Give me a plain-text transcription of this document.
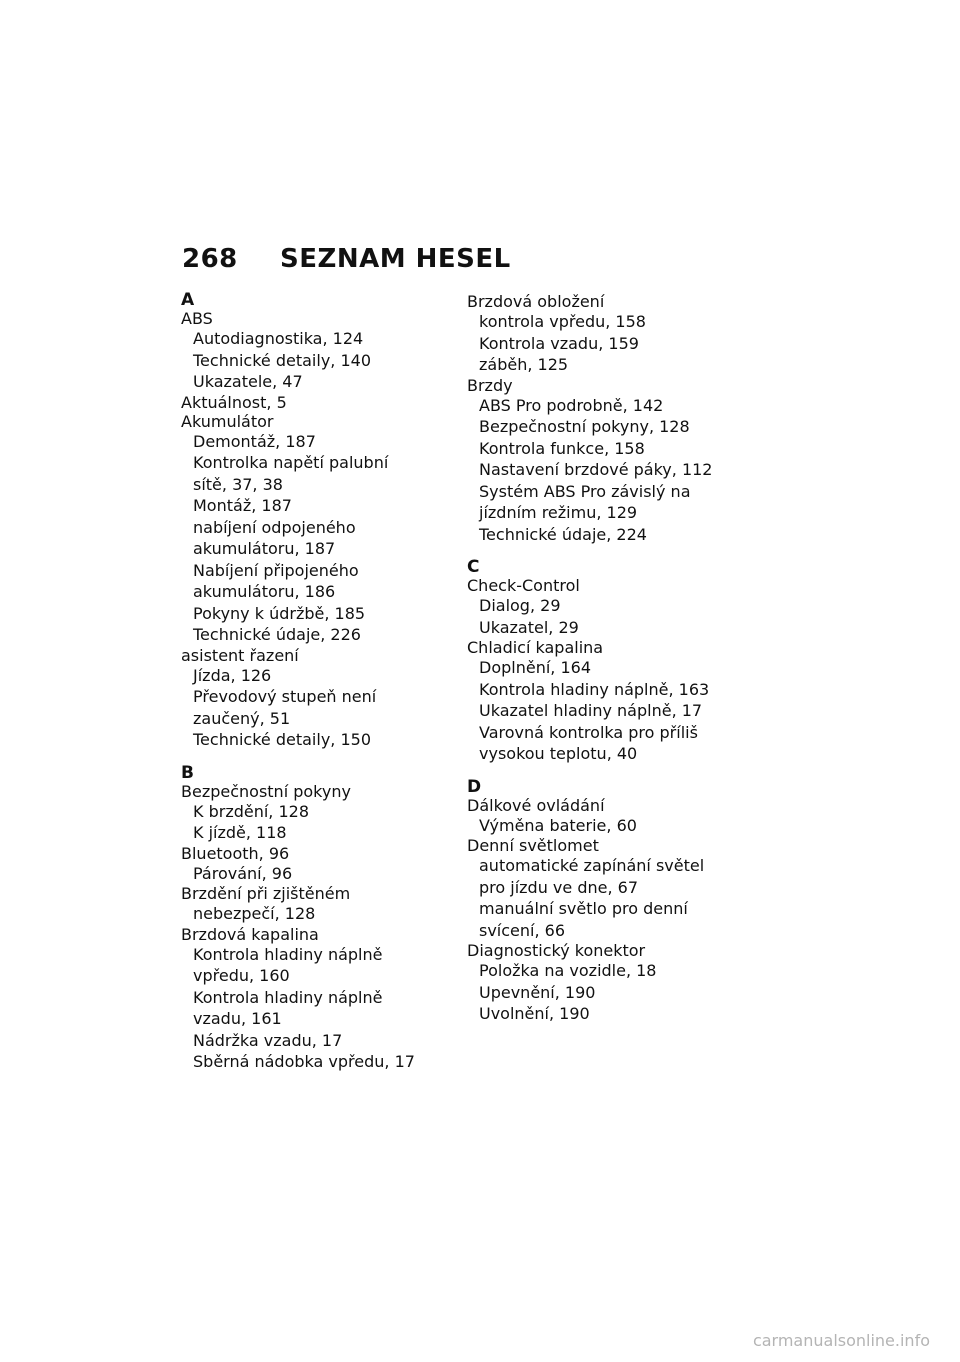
268 SEZNAM HESEL
A
ABS
Autodiagnostika, 124
Technické detaily, 140
Ukazatele, 47
Aktuálnost, 5
Akumulátor
Demontáž, 187
Kontrolka napětí palubní
sítě, 37, 38
Montáž, 187
nabíjení odpojeného
akumulátoru, 187
Nabíjení připojeného
akumulátoru, 186
Pokyny k údržbě, 185
Technické údaje, 226
asistent řazení
Jízda, 126
Převodový stupeň není
zaučený, 51
Technické detaily, 150
B
Bezpečnostní pokyny
K brzdění, 128
K jízdě, 118
Bluetooth, 96
Párování, 96
Brzdění při zjištěném
nebezpečí, 128
Brzdová kapalina
Kontrola hladiny náplně
vpředu, 160
Kontrola hladiny náplně
vzadu, 161
Nádržka vzadu, 17
Sběrná nádobka vpředu, 17
Brzdová obložení
kontrola vpředu, 158
Kontrola vzadu, 159
záběh, 125
Brzdy
ABS Pro podrobně, 142
Bezpečnostní pokyny, 128
Kontrola funkce, 158
Nastavení brzdové páky, 112
Systém ABS Pro závislý na
jízdním režimu, 129
Technické údaje, 224
C
Check-Control
Dialog, 29
Ukazatel, 29
Chladicí kapalina
Doplnění, 164
Kontrola hladiny náplně, 163
Ukazatel hladiny náplně, 17
Varovná kontrolka pro příliš
vysokou teplotu, 40
D
Dálkové ovládání
Výměna baterie, 60
Denní světlomet
automatické zapínání světel
pro jízdu ve dne, 67
manuální světlo pro denní
svícení, 66
Diagnostický konektor
Položka na vozidle, 18
Upevnění, 190
Uvolnění, 190
carmanualsonline.info
